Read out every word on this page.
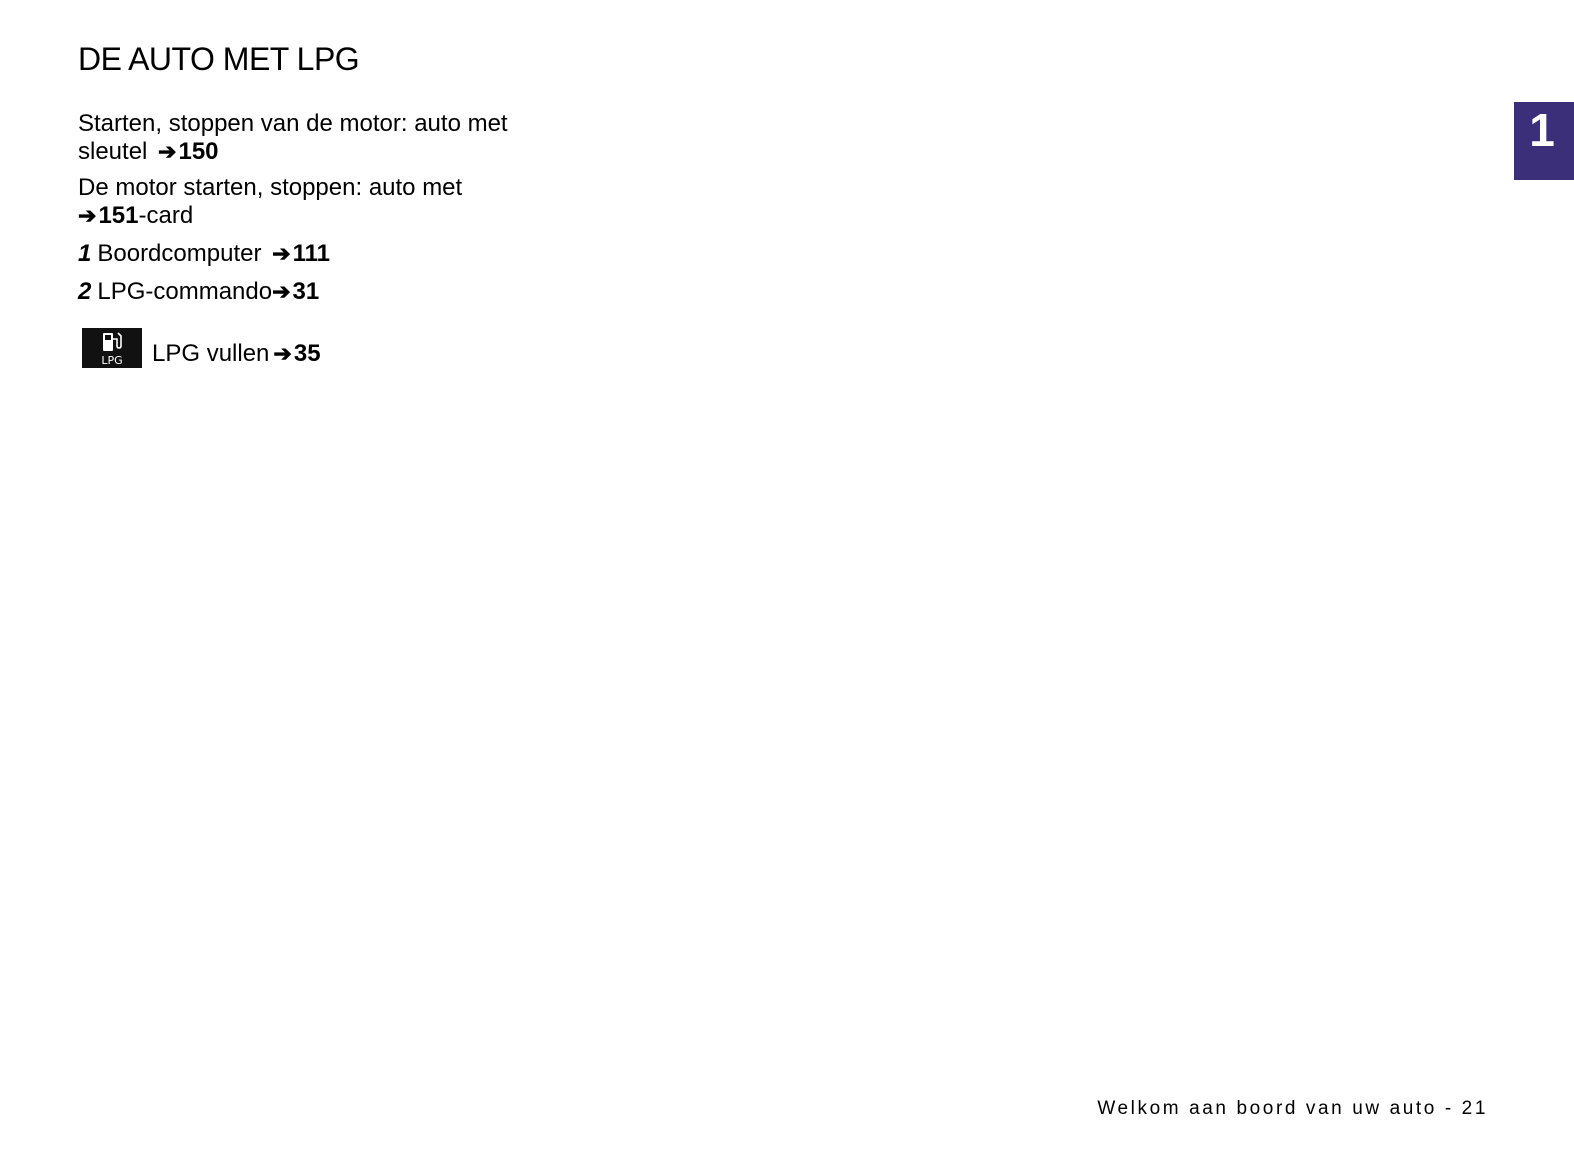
DE AUTO MET LPG
1

Starten, stoppen van de motor: auto met sleutel ➔150

De motor starten, stoppen: auto met
➔151-card

1 Boordcomputer ➔111

2 LPG-commando➔31

LPG	LPG vullen ➔ 35
Welkom aan boord van uw auto - 21
